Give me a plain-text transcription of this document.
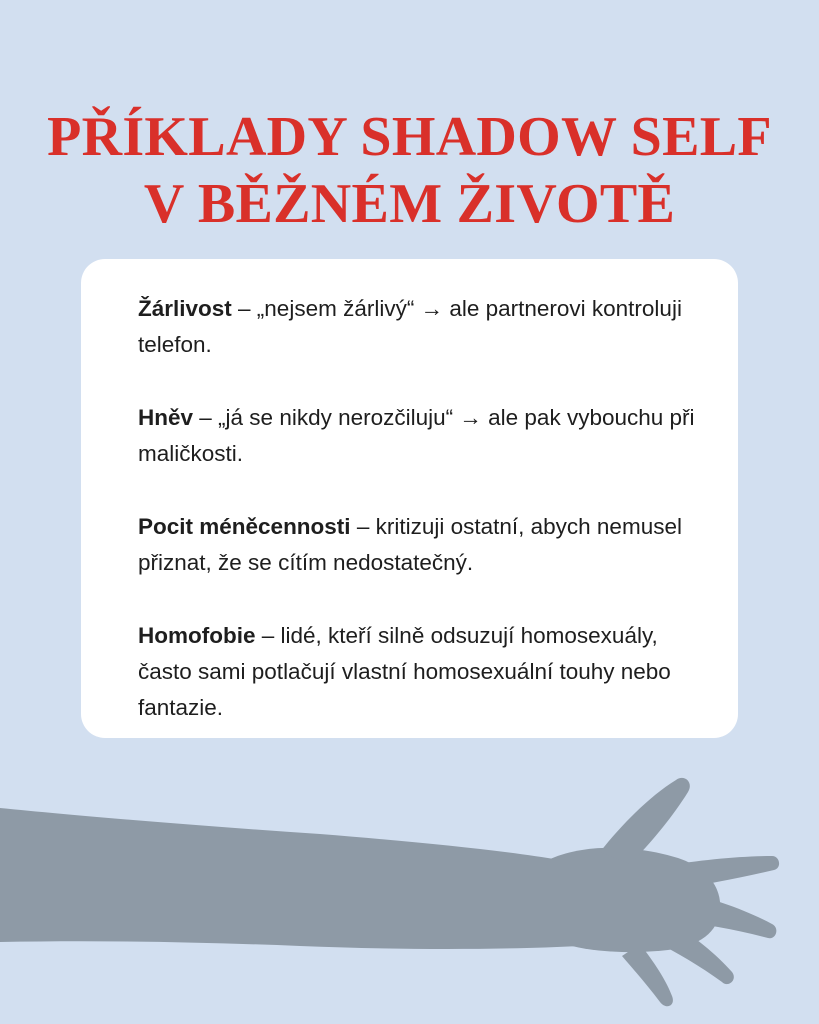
PŘÍKLADY SHADOW SELF
V BĚŽNÉM ŽIVOTĚ

Žárlivost – „nejsem žárlivý“ → ale partnerovi kontroluji telefon.

Hněv – „já se nikdy nerozčiluju“ → ale pak vybouchu při maličkosti.

Pocit méněcennosti – kritizuji ostatní, abych nemusel přiznat, že se cítím nedostatečný.

Homofobie – lidé, kteří silně odsuzují homosexuály, často sami potlačují vlastní homosexuální touhy nebo fantazie.
